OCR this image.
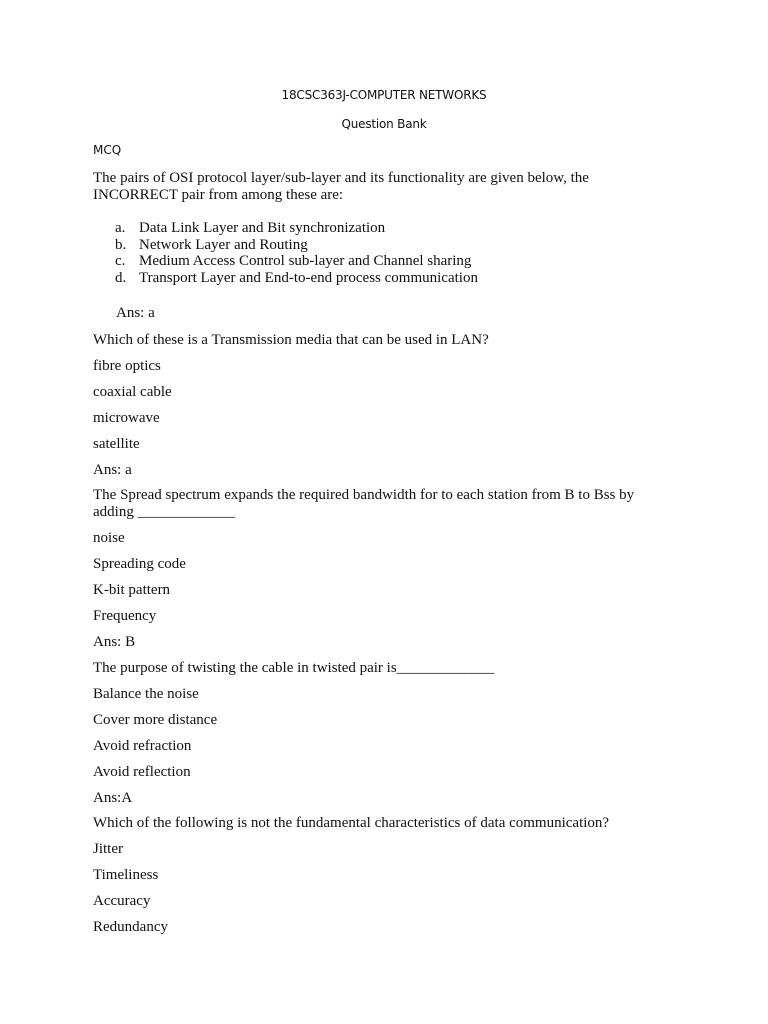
18CSC363J-COMPUTER NETWORKS
Question Bank
MCQ
The pairs of OSI protocol layer/sub-layer and its functionality are given below, the INCORRECT pair from among these are:
a. Data Link Layer and Bit synchronization
b. Network Layer and Routing
c. Medium Access Control sub-layer and Channel sharing
d. Transport Layer and End-to-end process communication
Ans: a
Which of these is a Transmission media that can be used in LAN?
fibre optics
coaxial cable
microwave
satellite
Ans: a
The Spread spectrum expands the required bandwidth for to each station from B to Bss by adding _____________
noise
Spreading code
K-bit pattern
Frequency
Ans: B
The purpose of twisting the cable in twisted pair is_____________
Balance the noise
Cover more distance
Avoid refraction
Avoid reflection
Ans:A
Which of the following is not the fundamental characteristics of data communication?
Jitter
Timeliness
Accuracy
Redundancy
